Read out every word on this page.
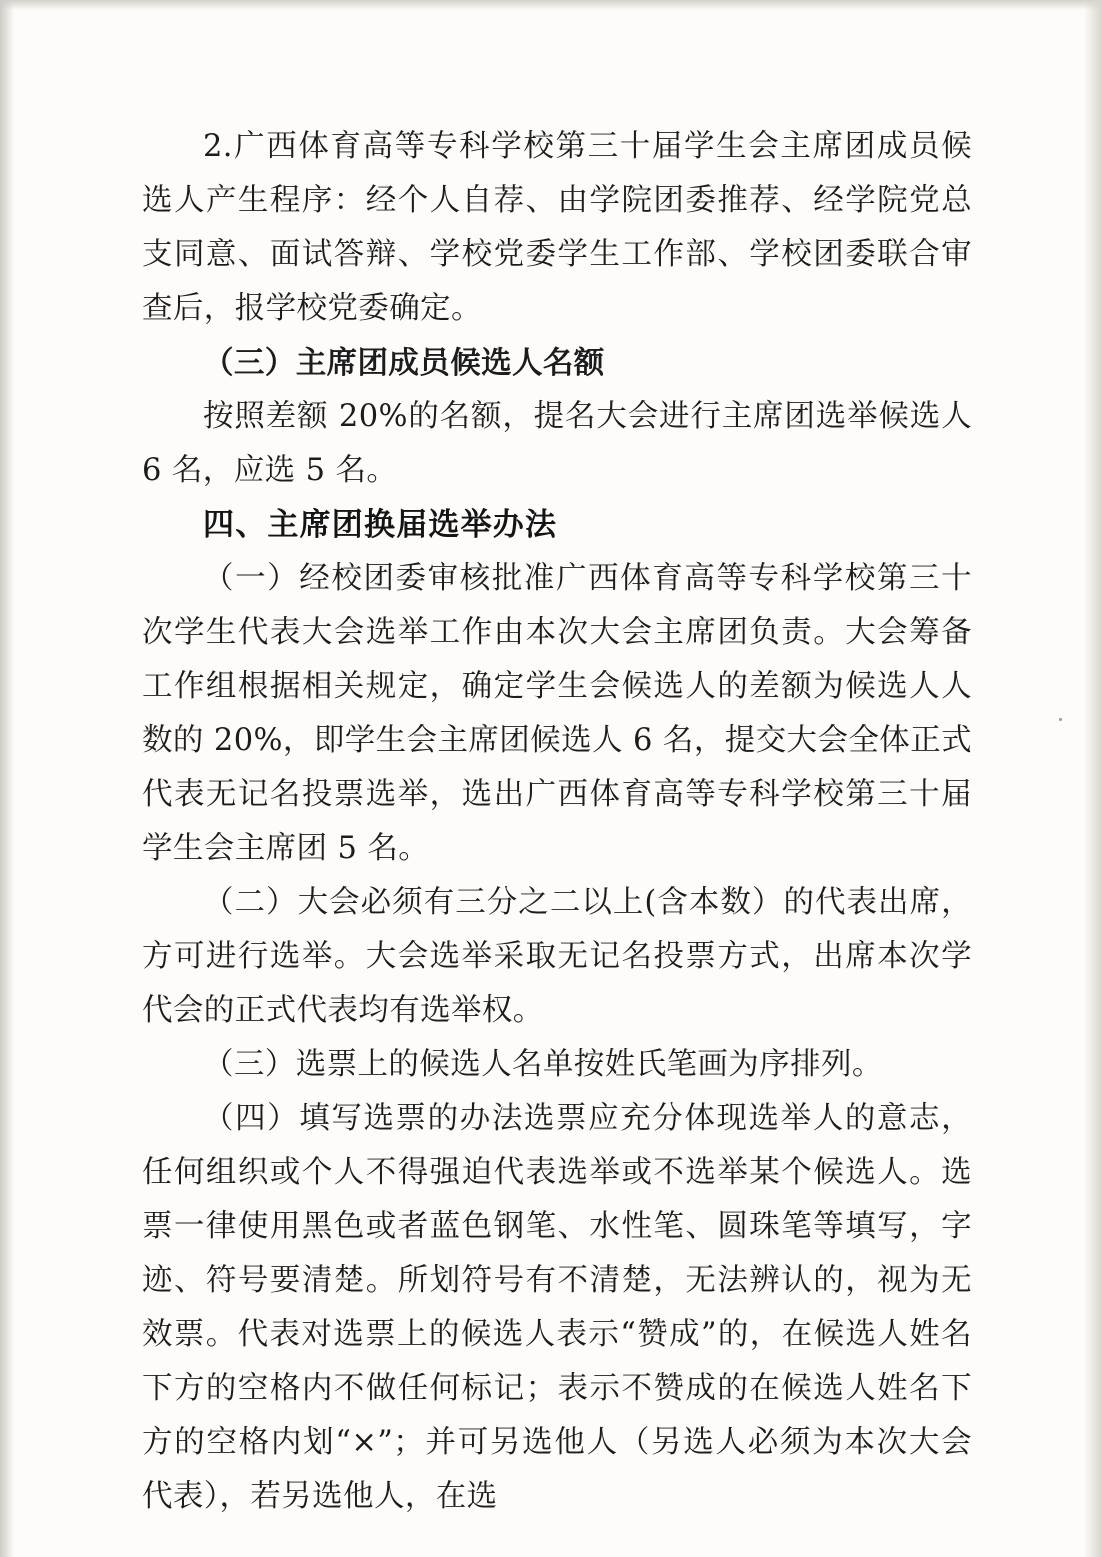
2.广西体育高等专科学校第三十届学生会主席团成员候选人产生程序：经个人自荐、由学院团委推荐、经学院党总支同意、面试答辩、学校党委学生工作部、学校团委联合审查后，报学校党委确定。

（三）主席团成员候选人名额

按照差额 20%的名额，提名大会进行主席团选举候选人 6 名，应选 5 名。

四、主席团换届选举办法

（一）经校团委审核批准广西体育高等专科学校第三十次学生代表大会选举工作由本次大会主席团负责。大会筹备工作组根据相关规定，确定学生会候选人的差额为候选人人数的 20%，即学生会主席团候选人 6 名，提交大会全体正式代表无记名投票选举，选出广西体育高等专科学校第三十届学生会主席团 5 名。

（二）大会必须有三分之二以上(含本数）的代表出席，方可进行选举。大会选举采取无记名投票方式，出席本次学代会的正式代表均有选举权。

（三）选票上的候选人名单按姓氏笔画为序排列。

（四）填写选票的办法选票应充分体现选举人的意志，任何组织或个人不得强迫代表选举或不选举某个候选人。选票一律使用黑色或者蓝色钢笔、水性笔、圆珠笔等填写，字迹、符号要清楚。所划符号有不清楚，无法辨认的，视为无效票。代表对选票上的候选人表示“赞成”的，在候选人姓名下方的空格内不做任何标记；表示不赞成的在候选人姓名下方的空格内划“×”；并可另选他人（另选人必须为本次大会代表），若另选他人，在选
